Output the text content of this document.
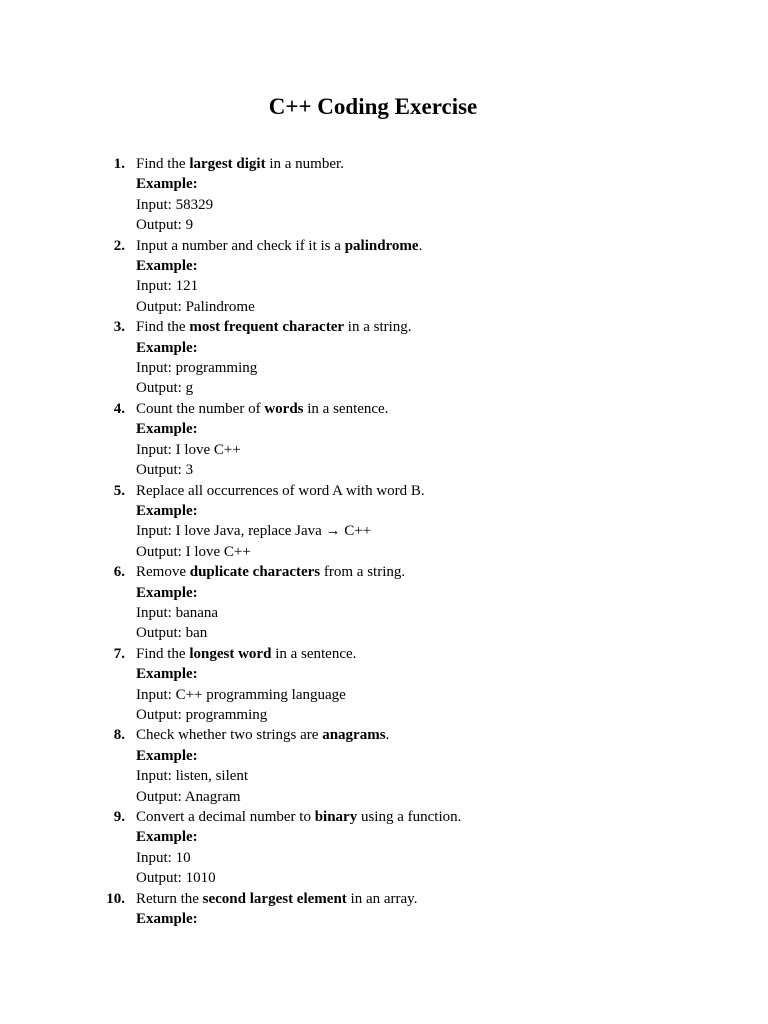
C++ Coding Exercise
1. Find the largest digit in a number.
Example:
Input: 58329
Output: 9
2. Input a number and check if it is a palindrome.
Example:
Input: 121
Output: Palindrome
3. Find the most frequent character in a string.
Example:
Input: programming
Output: g
4. Count the number of words in a sentence.
Example:
Input: I love C++
Output: 3
5. Replace all occurrences of word A with word B.
Example:
Input: I love Java, replace Java → C++
Output: I love C++
6. Remove duplicate characters from a string.
Example:
Input: banana
Output: ban
7. Find the longest word in a sentence.
Example:
Input: C++ programming language
Output: programming
8. Check whether two strings are anagrams.
Example:
Input: listen, silent
Output: Anagram
9. Convert a decimal number to binary using a function.
Example:
Input: 10
Output: 1010
10. Return the second largest element in an array.
Example:
